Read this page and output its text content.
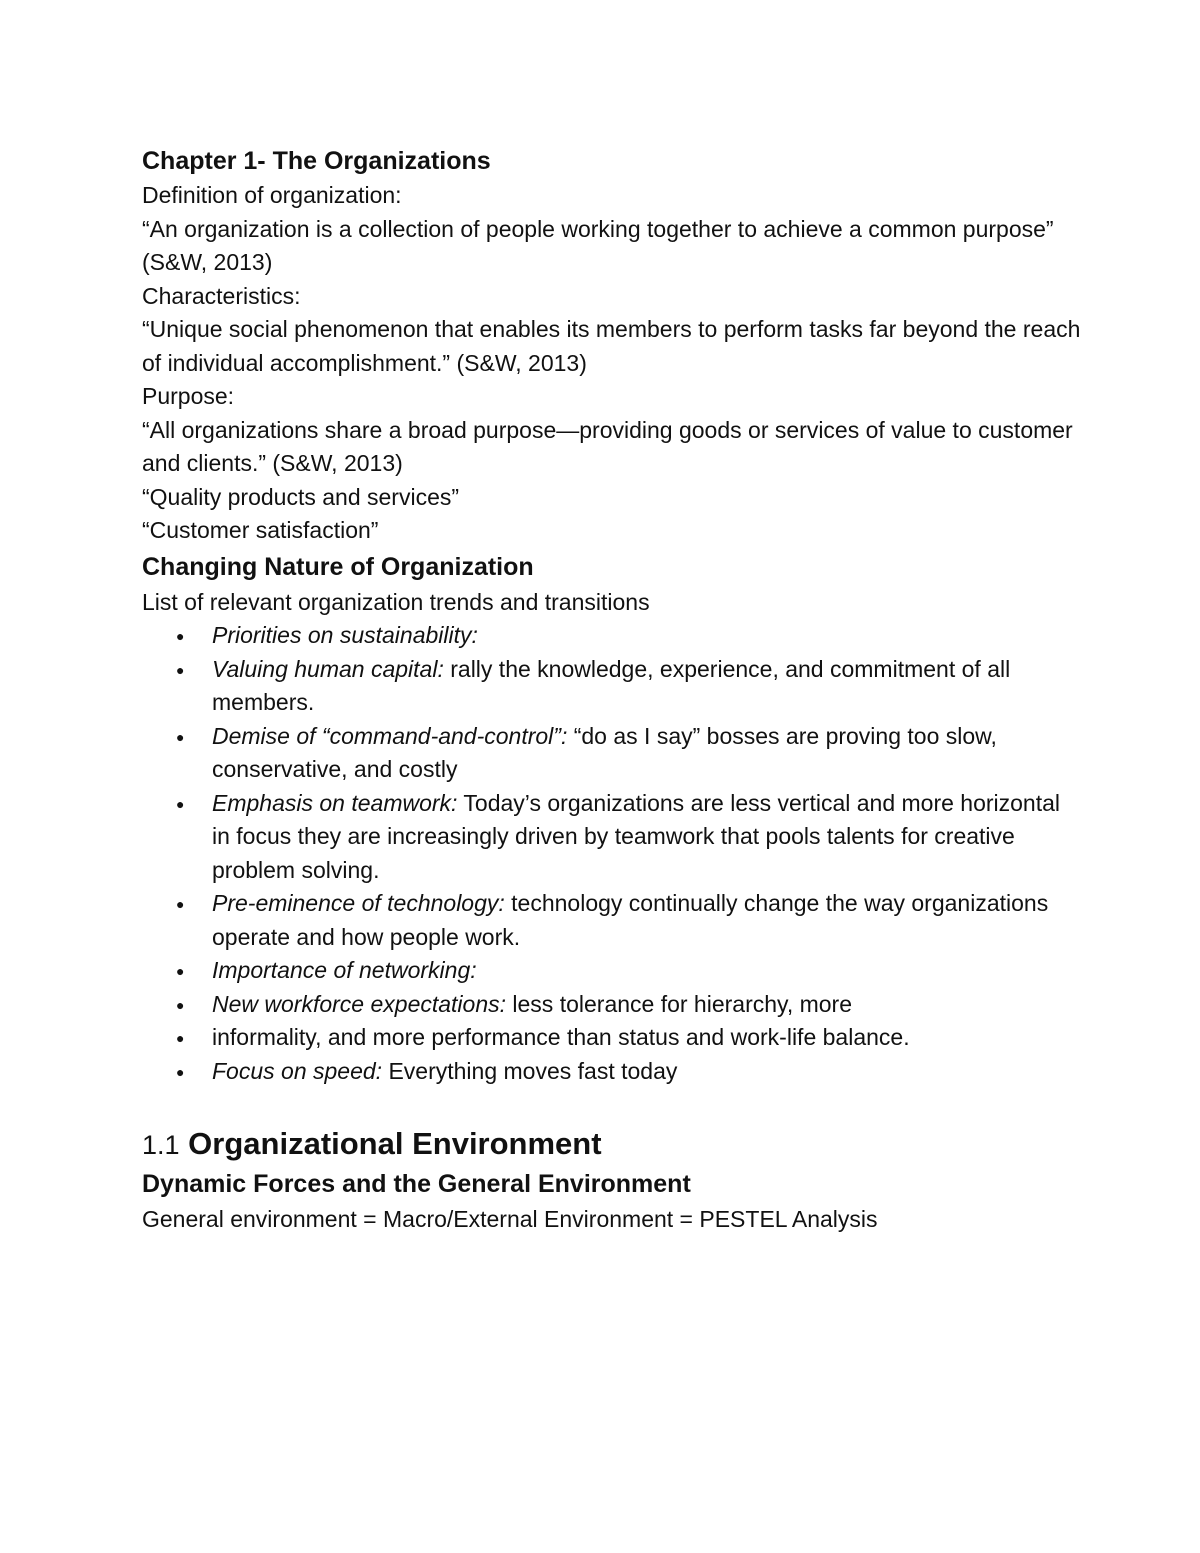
Chapter 1- The Organizations

Definition of organization:

“An organization is a collection of people working together to achieve a common purpose” (S&W, 2013)

Characteristics:

“Unique social phenomenon that enables its members to perform tasks far beyond the reach of individual accomplishment.” (S&W, 2013)

Purpose:

“All organizations share a broad purpose—providing goods or services of value to customer and clients.” (S&W, 2013)

“Quality products and services”

“Customer satisfaction”

Changing Nature of Organization

List of relevant organization trends and transitions

● Priorities on sustainability:
● Valuing human capital: rally the knowledge, experience, and commitment of all members.
● Demise of “command-and-control”: “do as I say” bosses are proving too slow, conservative, and costly
● Emphasis on teamwork: Today’s organizations are less vertical and more horizontal in focus they are increasingly driven by teamwork that pools talents for creative problem solving.
● Pre-eminence of technology: technology continually change the way organizations operate and how people work.
● Importance of networking:
● New workforce expectations: less tolerance for hierarchy, more
● informality, and more performance than status and work-life balance.
● Focus on speed: Everything moves fast today
1.1 Organizational Environment
Dynamic Forces and the General Environment

General environment = Macro/External Environment = PESTEL Analysis
